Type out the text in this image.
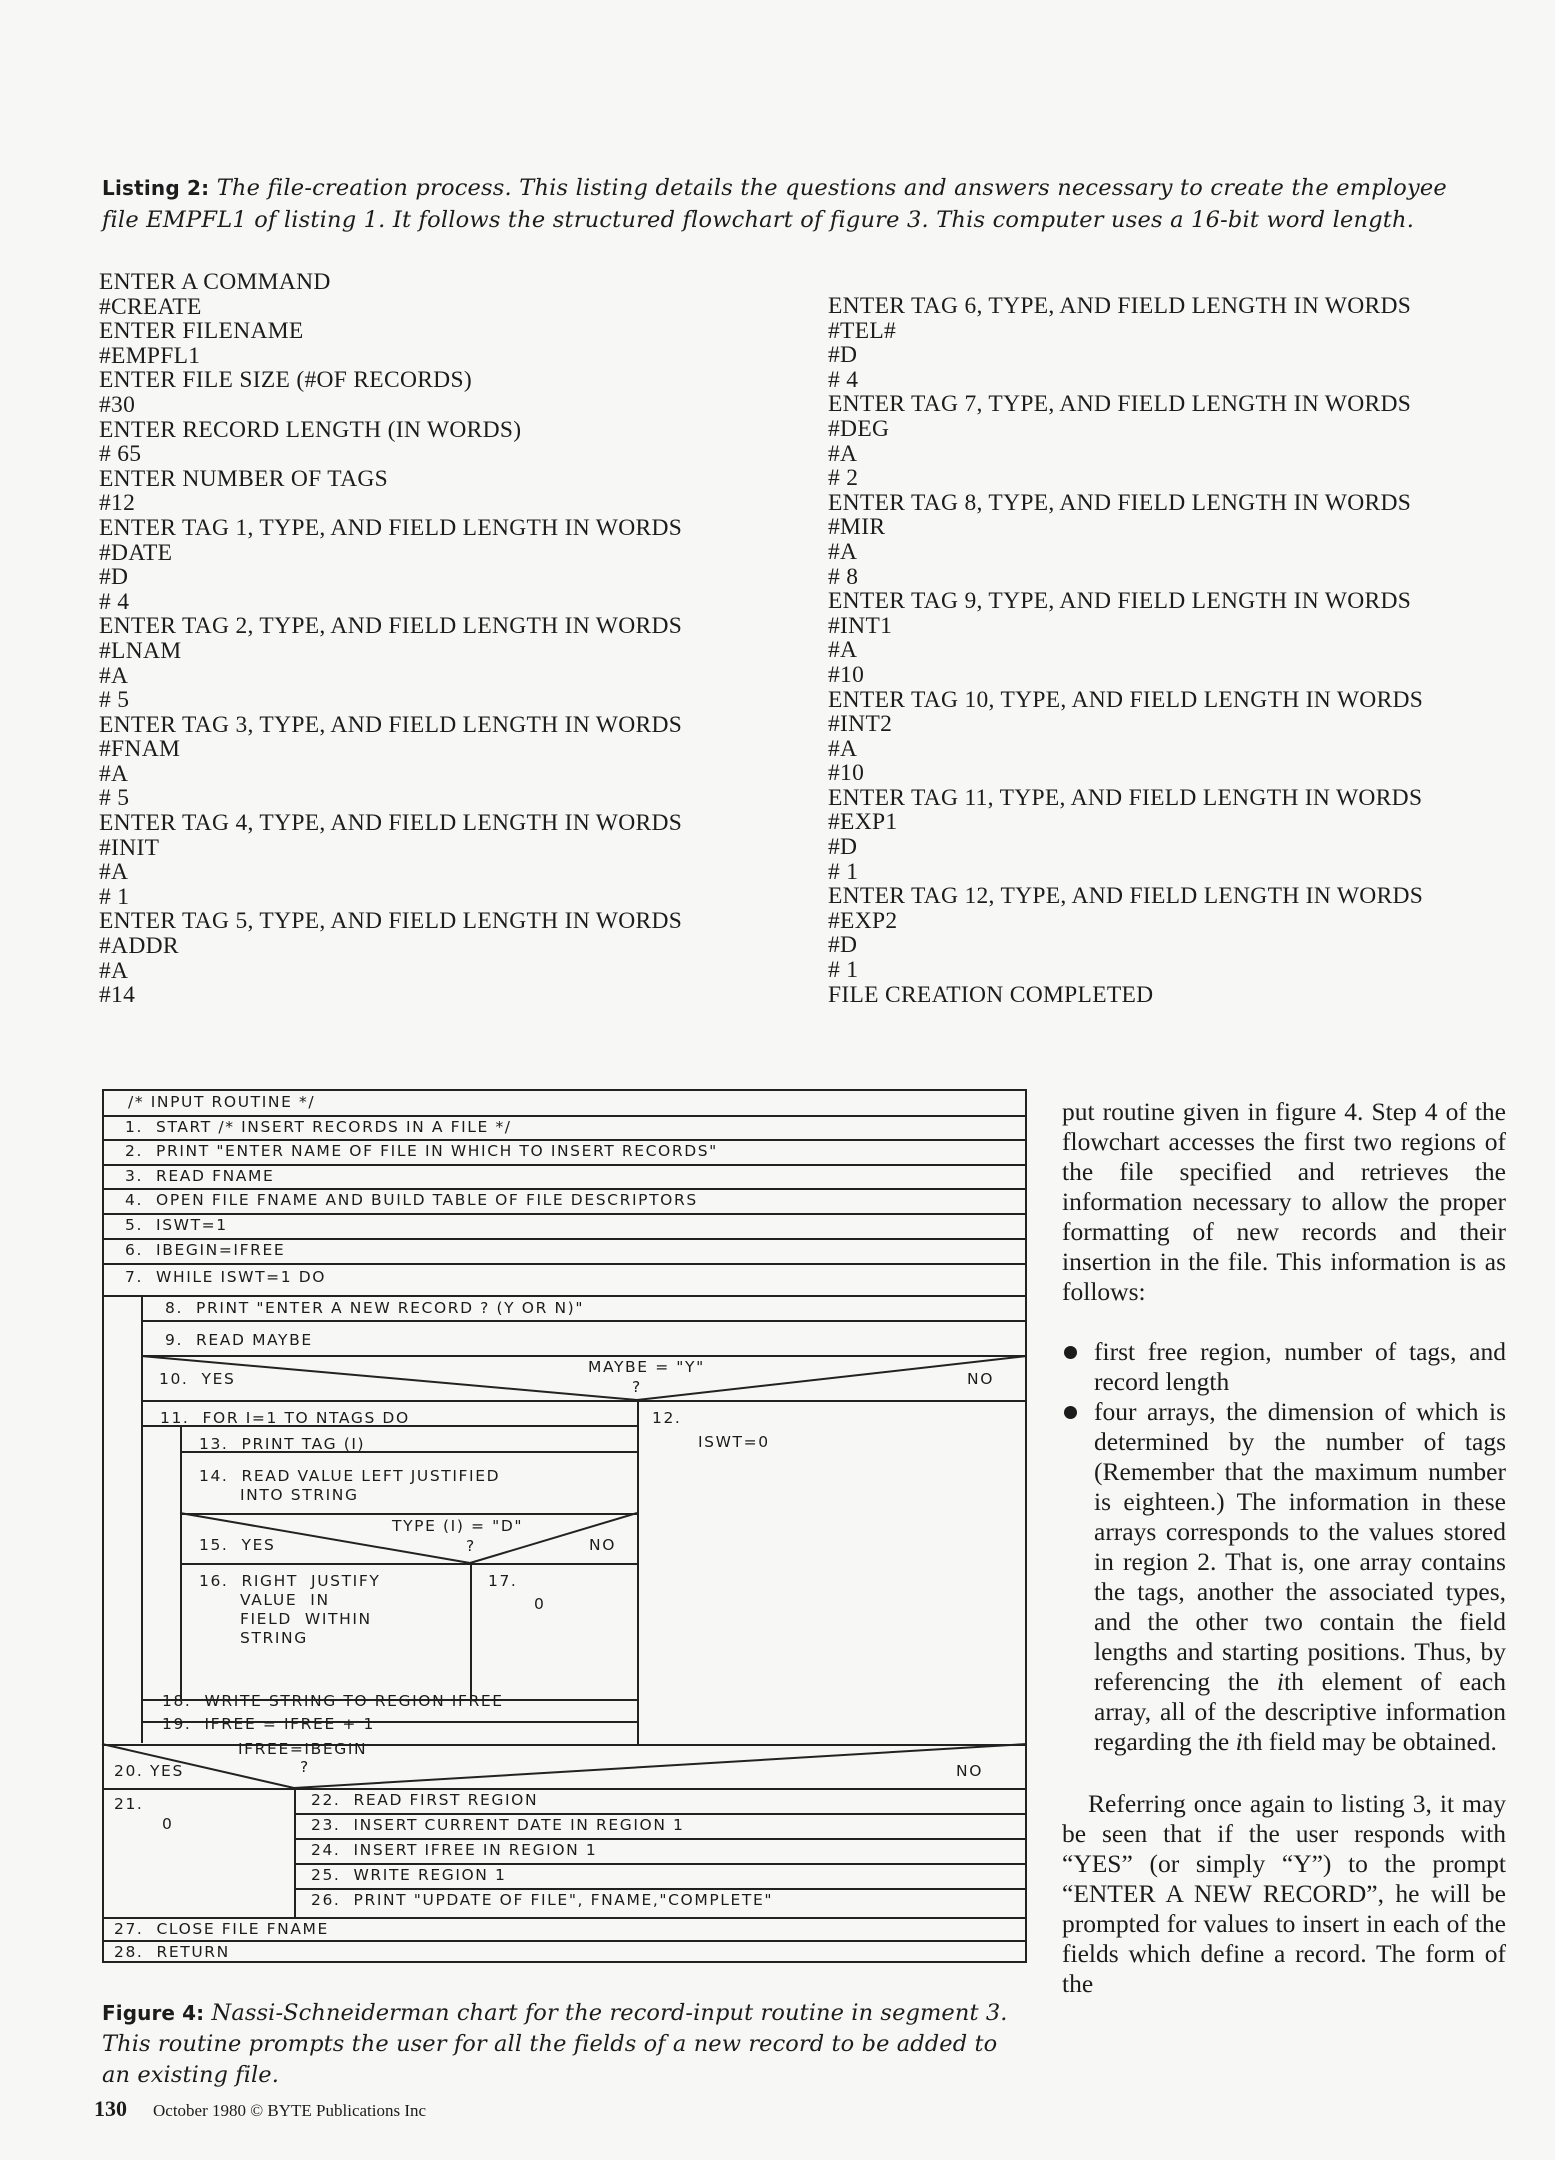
Listing 2: The file-creation process. This listing details the questions and answers necessary to create the employee file EMPFL1 of listing 1. It follows the structured flowchart of figure 3. This computer uses a 16-bit word length.
ENTER A COMMAND
#CREATE
ENTER FILENAME
#EMPFL1
ENTER FILE SIZE (#OF RECORDS)
#30
ENTER RECORD LENGTH (IN WORDS)
# 65
ENTER NUMBER OF TAGS
#12
ENTER TAG 1, TYPE, AND FIELD LENGTH IN WORDS
#DATE
#D
# 4
ENTER TAG 2, TYPE, AND FIELD LENGTH IN WORDS
#LNAM
#A
# 5
ENTER TAG 3, TYPE, AND FIELD LENGTH IN WORDS
#FNAM
#A
# 5
ENTER TAG 4, TYPE, AND FIELD LENGTH IN WORDS
#INIT
#A
# 1
ENTER TAG 5, TYPE, AND FIELD LENGTH IN WORDS
#ADDR
#A
#14
ENTER TAG 6, TYPE, AND FIELD LENGTH IN WORDS
#TEL#
#D
# 4
ENTER TAG 7, TYPE, AND FIELD LENGTH IN WORDS
#DEG
#A
# 2
ENTER TAG 8, TYPE, AND FIELD LENGTH IN WORDS
#MIR
#A
# 8
ENTER TAG 9, TYPE, AND FIELD LENGTH IN WORDS
#INT1
#A
#10
ENTER TAG 10, TYPE, AND FIELD LENGTH IN WORDS
#INT2
#A
#10
ENTER TAG 11, TYPE, AND FIELD LENGTH IN WORDS
#EXP1
#D
# 1
ENTER TAG 12, TYPE, AND FIELD LENGTH IN WORDS
#EXP2
#D
# 1
FILE CREATION COMPLETED
/* INPUT ROUTINE */
1.  START /* INSERT RECORDS IN A FILE */
2.  PRINT "ENTER NAME OF FILE IN WHICH TO INSERT RECORDS"
3.  READ FNAME
4.  OPEN FILE FNAME AND BUILD TABLE OF FILE DESCRIPTORS
5.  ISWT=1
6.  IBEGIN=IFREE
7.  WHILE ISWT=1 DO
8.  PRINT "ENTER A NEW RECORD ? (Y OR N)"
9.  READ MAYBE
MAYBE = "Y"
?
10.  YES	NO
11.  FOR I=1 TO NTAGS DO	12.
ISWT=0
13.  PRINT TAG (I)
14.  READ VALUE LEFT JUSTIFIED
INTO STRING
TYPE (I) = "D"
?
15.  YES	NO
16.  RIGHT  JUSTIFY
VALUE  IN
FIELD  WITHIN
STRING
17.
0
18.  WRITE STRING TO REGION IFREE
19.  IFREE = IFREE + 1
IFREE=IBEGIN
?
20. YES	NO
21.
0
22.  READ FIRST REGION
23.  INSERT CURRENT DATE IN REGION 1
24.  INSERT IFREE IN REGION 1
25.  WRITE REGION 1
26.  PRINT "UPDATE OF FILE", FNAME,"COMPLETE"
27.  CLOSE FILE FNAME
28.  RETURN
Figure 4: Nassi-Schneiderman chart for the record-input routine in segment 3. This routine prompts the user for all the fields of a new record to be added to an existing file.

put routine given in figure 4. Step 4 of the flowchart accesses the first two regions of the file specified and retrieves the information necessary to allow the proper formatting of new records and their insertion in the file. This information is as follows:

first free region, number of tags, and record length
four arrays, the dimension of which is determined by the number of tags (Remember that the maximum number is eighteen.) The information in these arrays corresponds to the values stored in region 2. That is, one array contains the tags, another the associated types, and the other two contain the field lengths and starting positions. Thus, by referencing the ith element of each array, all of the descriptive information regarding the ith field may be obtained.

Referring once again to listing 3, it may be seen that if the user responds with “YES” (or simply “Y”) to the prompt “ENTER A NEW RECORD”, he will be prompted for values to insert in each of the fields which define a record. The form of the

130 October 1980 © BYTE Publications Inc
